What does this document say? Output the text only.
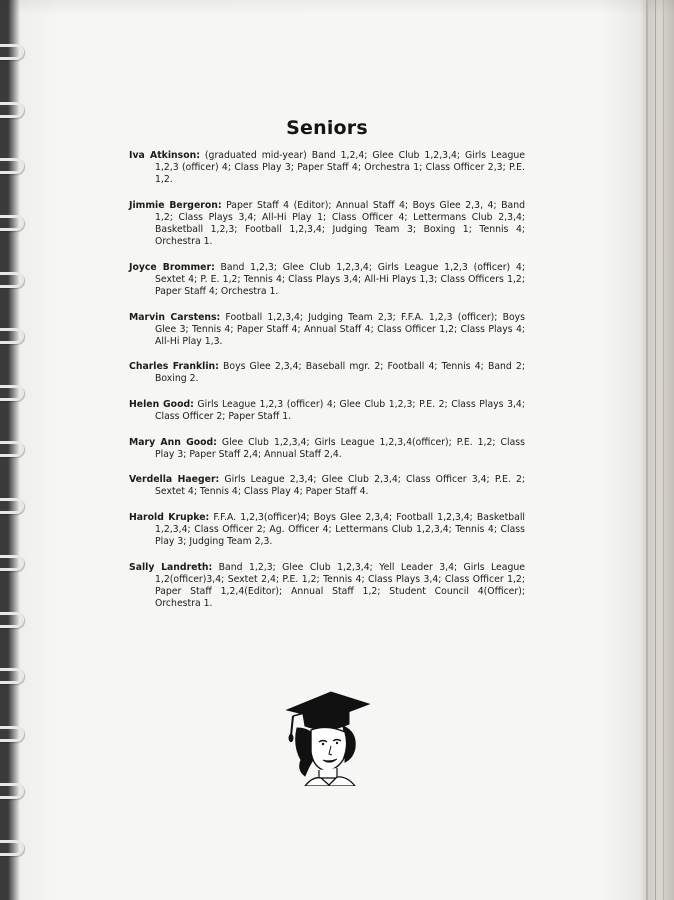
Seniors

Iva Atkinson: (graduated mid-year) Band 1,2,4; Glee Club 1,2,3,4; Girls League 1,2,3 (officer) 4; Class Play 3; Paper Staff 4; Orchestra 1; Class Officer 2,3; P.E. 1,2.

Jimmie Bergeron: Paper Staff 4 (Editor); Annual Staff 4; Boys Glee 2,3, 4; Band 1,2; Class Plays 3,4; All-Hi Play 1; Class Officer 4; Lettermans Club 2,3,4; Basketball 1,2,3; Football 1,2,3,4; Judging Team 3; Boxing 1; Tennis 4; Orchestra 1.

Joyce Brommer: Band 1,2,3; Glee Club 1,2,3,4; Girls League 1,2,3 (officer) 4; Sextet 4; P. E. 1,2; Tennis 4; Class Plays 3,4; All-Hi Plays 1,3; Class Officers 1,2; Paper Staff 4; Orchestra 1.

Marvin Carstens: Football 1,2,3,4; Judging Team 2,3; F.F.A. 1,2,3 (officer); Boys Glee 3; Tennis 4; Paper Staff 4; Annual Staff 4; Class Officer 1,2; Class Plays 4; All-Hi Play 1,3.

Charles Franklin: Boys Glee 2,3,4; Baseball mgr. 2; Football 4; Tennis 4; Band 2; Boxing 2.

Helen Good: Girls League 1,2,3 (officer) 4; Glee Club 1,2,3; P.E. 2; Class Plays 3,4; Class Officer 2; Paper Staff 1.

Mary Ann Good: Glee Club 1,2,3,4; Girls League 1,2,3,4(officer); P.E. 1,2; Class Play 3; Paper Staff 2,4; Annual Staff 2,4.

Verdella Haeger: Girls League 2,3,4; Glee Club 2,3,4; Class Officer 3,4; P.E. 2; Sextet 4; Tennis 4; Class Play 4; Paper Staff 4.

Harold Krupke: F.F.A. 1,2,3(officer)4; Boys Glee 2,3,4; Football 1,2,3,4; Basketball 1,2,3,4; Class Officer 2; Ag. Officer 4; Lettermans Club 1,2,3,4; Tennis 4; Class Play 3; Judging Team 2,3.

Sally Landreth: Band 1,2,3; Glee Club 1,2,3,4; Yell Leader 3,4; Girls League 1,2(officer)3,4; Sextet 2,4; P.E. 1,2; Tennis 4; Class Plays 3,4; Class Officer 1,2; Paper Staff 1,2,4(Editor); Annual Staff 1,2; Student Council 4(Officer); Orchestra 1.
